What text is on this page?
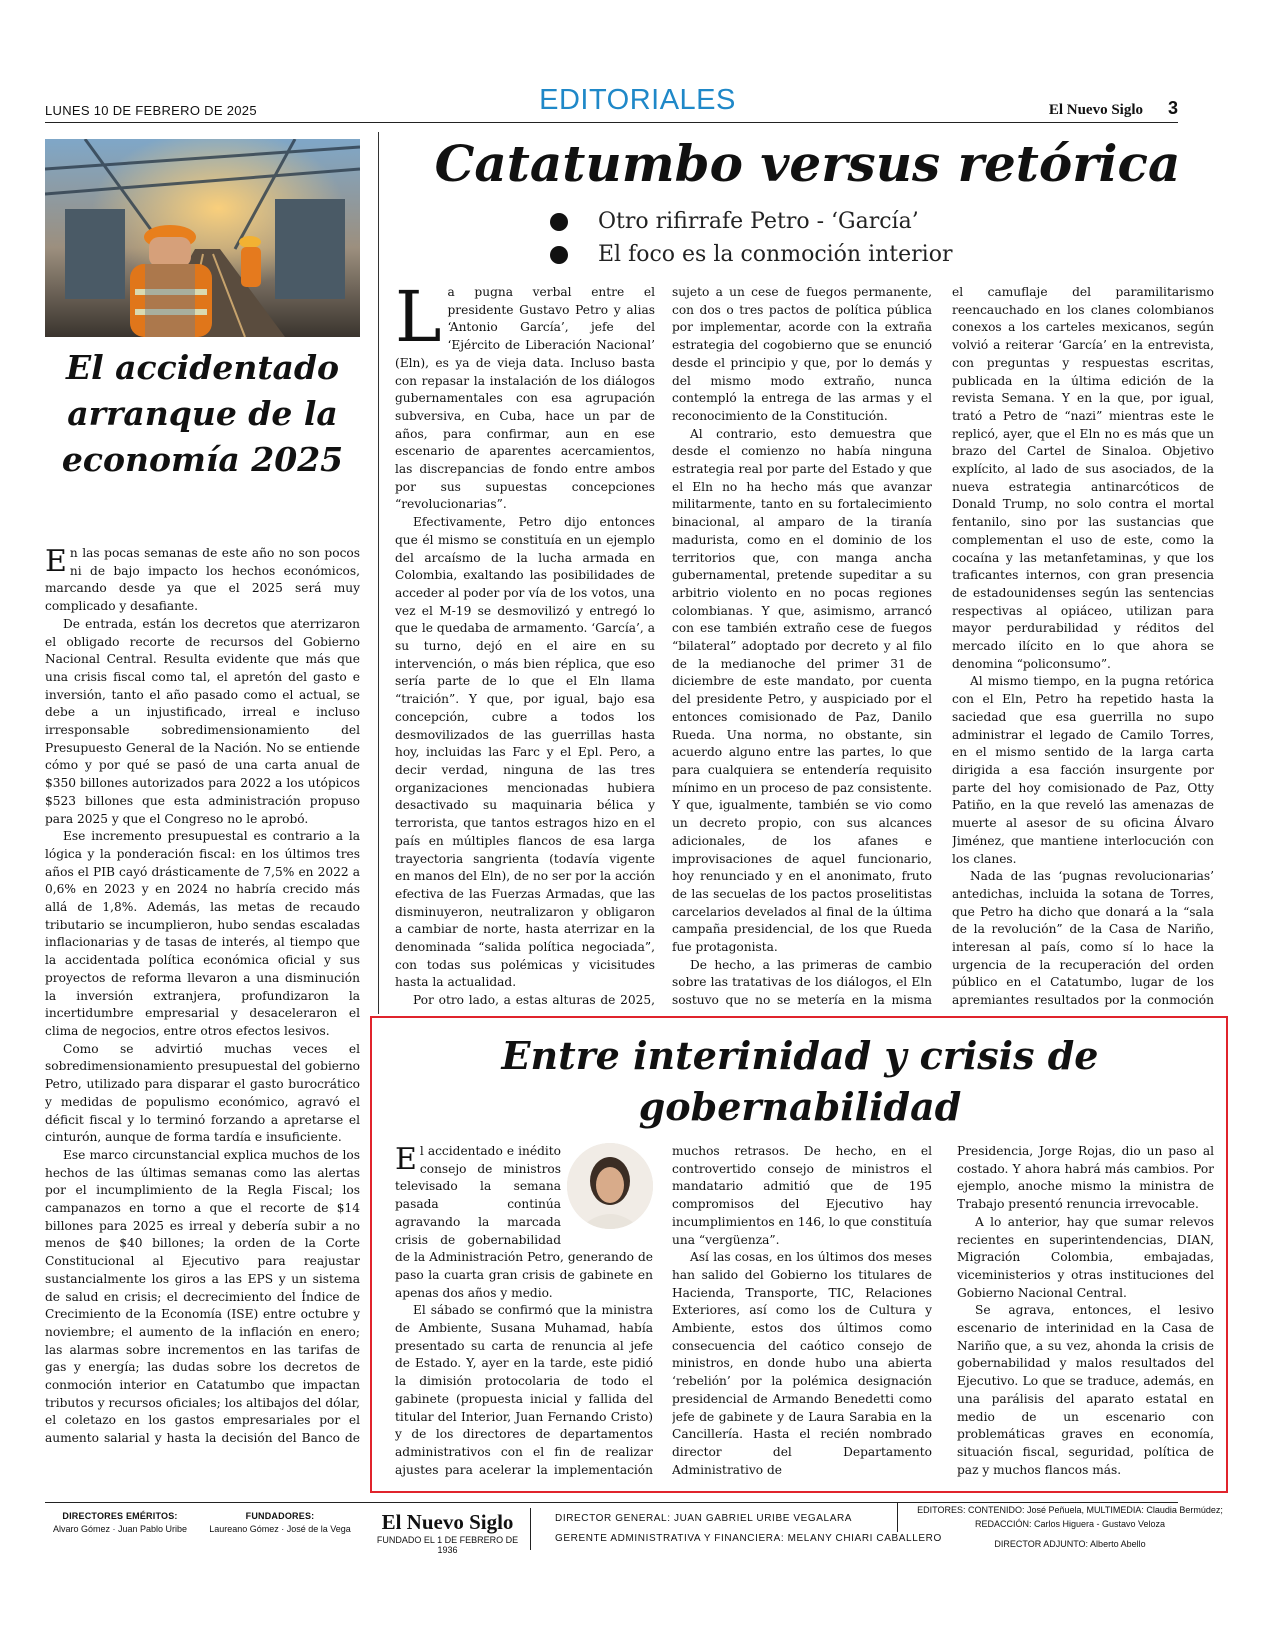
LUNES 10 DE FEBRERO DE 2025	EDITORIALES	El Nuevo Siglo 3
El accidentado arranque de la economía 2025

En las pocas semanas de este año no son pocos ni de bajo impacto los hechos económicos, marcando desde ya que el 2025 será muy complicado y desafiante.

De entrada, están los decretos que aterrizaron el obligado recorte de recursos del Gobierno Nacional Central. Resulta evidente que más que una crisis fiscal como tal, el apretón del gasto e inversión, tanto el año pasado como el actual, se debe a un injustificado, irreal e incluso irresponsable sobredimensionamiento del Presupuesto General de la Nación. No se entiende cómo y por qué se pasó de una carta anual de $350 billones autorizados para 2022 a los utópicos $523 billones que esta administración propuso para 2025 y que el Congreso no le aprobó.

Ese incremento presupuestal es contrario a la lógica y la ponderación fiscal: en los últimos tres años el PIB cayó drásticamente de 7,5% en 2022 a 0,6% en 2023 y en 2024 no habría crecido más allá de 1,8%. Además, las metas de recaudo tributario se incumplieron, hubo sendas escaladas inflacionarias y de tasas de interés, al tiempo que la accidentada política económica oficial y sus proyectos de reforma llevaron a una disminución la inversión extranjera, profundizaron la incertidumbre empresarial y desaceleraron el clima de negocios, entre otros efectos lesivos.

Como se advirtió muchas veces el sobredimensionamiento presupuestal del gobierno Petro, utilizado para disparar el gasto burocrático y medidas de populismo económico, agravó el déficit fiscal y lo terminó forzando a apretarse el cinturón, aunque de forma tardía e insuficiente.

Ese marco circunstancial explica muchos de los hechos de las últimas semanas como las alertas por el incumplimiento de la Regla Fiscal; los campanazos en torno a que el recorte de $14 billones para 2025 es irreal y debería subir a no menos de $40 billones; la orden de la Corte Constitucional al Ejecutivo para reajustar sustancialmente los giros a las EPS y un sistema de salud en crisis; el decrecimiento del Índice de Crecimiento de la Economía (ISE) entre octubre y noviembre; el aumento de la inflación en enero; las alarmas sobre incrementos en las tarifas de gas y energía; las dudas sobre los decretos de conmoción interior en Catatumbo que impactan tributos y recursos oficiales; los altibajos del dólar, el coletazo en los gastos empresariales por el aumento salarial y hasta la decisión del Banco de

Catatumbo versus retórica
Otro rifirrafe Petro - ‘García’
El foco es la conmoción interior

La pugna verbal entre el presidente Gustavo Petro y alias ‘Antonio García’, jefe del ‘Ejército de Liberación Nacional’ (Eln), es ya de vieja data. Incluso basta con repasar la instalación de los diálogos gubernamentales con esa agrupación subversiva, en Cuba, hace un par de años, para confirmar, aun en ese escenario de aparentes acercamientos, las discrepancias de fondo entre ambos por sus supuestas concepciones “revolucionarias”.

Efectivamente, Petro dijo entonces que él mismo se constituía en un ejemplo del arcaísmo de la lucha armada en Colombia, exaltando las posibilidades de acceder al poder por vía de los votos, una vez el M-19 se desmovilizó y entregó lo que le quedaba de armamento. ‘García’, a su turno, dejó en el aire en su intervención, o más bien réplica, que eso sería parte de lo que el Eln llama “traición”. Y que, por igual, bajo esa concepción, cubre a todos los desmovilizados de las guerrillas hasta hoy, incluidas las Farc y el Epl. Pero, a decir verdad, ninguna de las tres organizaciones mencionadas hubiera desactivado su maquinaria bélica y terrorista, que tantos estragos hizo en el país en múltiples flancos de esa larga trayectoria sangrienta (todavía vigente en manos del Eln), de no ser por la acción efectiva de las Fuerzas Armadas, que las disminuyeron, neutralizaron y obligaron a cambiar de norte, hasta aterrizar en la denominada “salida política negociada”, con todas sus polémicas y vicisitudes hasta la actualidad.

Por otro lado, a estas alturas de 2025,

sujeto a un cese de fuegos permanente, con dos o tres pactos de política pública por implementar, acorde con la extraña estrategia del cogobierno que se enunció desde el principio y que, por lo demás y del mismo modo extraño, nunca contempló la entrega de las armas y el reconocimiento de la Constitución.

Al contrario, esto demuestra que desde el comienzo no había ninguna estrategia real por parte del Estado y que el Eln no ha hecho más que avanzar militarmente, tanto en su fortalecimiento binacional, al amparo de la tiranía madurista, como en el dominio de los territorios que, con manga ancha gubernamental, pretende supeditar a su arbitrio violento en no pocas regiones colombianas. Y que, asimismo, arrancó con ese también extraño cese de fuegos “bilateral” adoptado por decreto y al filo de la medianoche del primer 31 de diciembre de este mandato, por cuenta del presidente Petro, y auspiciado por el entonces comisionado de Paz, Danilo Rueda. Una norma, no obstante, sin acuerdo alguno entre las partes, lo que para cualquiera se entendería requisito mínimo en un proceso de paz consistente. Y que, igualmente, también se vio como un decreto propio, con sus alcances adicionales, de los afanes e improvisaciones de aquel funcionario, hoy renunciado y en el anonimato, fruto de las secuelas de los pactos proselitistas carcelarios develados al final de la última campaña presidencial, de los que Rueda fue protagonista.

De hecho, a las primeras de cambio sobre las tratativas de los diálogos, el Eln sostuvo que no se metería en la misma

el camuflaje del paramilitarismo reencauchado en los clanes colombianos conexos a los carteles mexicanos, según volvió a reiterar ‘García’ en la entrevista, con preguntas y respuestas escritas, publicada en la última edición de la revista Semana. Y en la que, por igual, trató a Petro de “nazi” mientras este le replicó, ayer, que el Eln no es más que un brazo del Cartel de Sinaloa. Objetivo explícito, al lado de sus asociados, de la nueva estrategia antinarcóticos de Donald Trump, no solo contra el mortal fentanilo, sino por las sustancias que complementan el uso de este, como la cocaína y las metanfetaminas, y que los traficantes internos, con gran presencia de estadounidenses según las sentencias respectivas al opiáceo, utilizan para mayor perdurabilidad y réditos del mercado ilícito en lo que ahora se denomina “policonsumo”.

Al mismo tiempo, en la pugna retórica con el Eln, Petro ha repetido hasta la saciedad que esa guerrilla no supo administrar el legado de Camilo Torres, en el mismo sentido de la larga carta dirigida a esa facción insurgente por parte del hoy comisionado de Paz, Otty Patiño, en la que reveló las amenazas de muerte al asesor de su oficina Álvaro Jiménez, que mantiene interlocución con los clanes.

Nada de las ‘pugnas revolucionarias’ antedichas, incluida la sotana de Torres, que Petro ha dicho que donará a la “sala de la revolución” de la Casa de Nariño, interesan al país, como sí lo hace la urgencia de la recuperación del orden público en el Catatumbo, lugar de los apremiantes resultados por la conmoción

Entre interinidad y crisis de gobernabilidad

El accidentado e inédito consejo de ministros televisado la semana pasada continúa agravando la marcada crisis de gobernabilidad de la Administración Petro, generando de paso la cuarta gran crisis de gabinete en apenas dos años y medio.

El sábado se confirmó que la ministra de Ambiente, Susana Muhamad, había presentado su carta de renuncia al jefe de Estado. Y, ayer en la tarde, este pidió la dimisión protocolaria de todo el gabinete (propuesta inicial y fallida del titular del Interior, Juan Fernando Cristo) y de los directores de departamentos administrativos con el fin de realizar ajustes para acelerar la implementación

muchos retrasos. De hecho, en el controvertido consejo de ministros el mandatario admitió que de 195 compromisos del Ejecutivo hay incumplimientos en 146, lo que constituía una “vergüenza”.

Así las cosas, en los últimos dos meses han salido del Gobierno los titulares de Hacienda, Transporte, TIC, Relaciones Exteriores, así como los de Cultura y Ambiente, estos dos últimos como consecuencia del caótico consejo de ministros, en donde hubo una abierta ‘rebelión’ por la polémica designación presidencial de Armando Benedetti como jefe de gabinete y de Laura Sarabia en la Cancillería. Hasta el recién nombrado director del Departamento Administrativo de

Presidencia, Jorge Rojas, dio un paso al costado. Y ahora habrá más cambios. Por ejemplo, anoche mismo la ministra de Trabajo presentó renuncia irrevocable.

A lo anterior, hay que sumar relevos recientes en superintendencias, DIAN, Migración Colombia, embajadas, viceministerios y otras instituciones del Gobierno Nacional Central.

Se agrava, entonces, el lesivo escenario de interinidad en la Casa de Nariño que, a su vez, ahonda la crisis de gobernabilidad y malos resultados del Ejecutivo. Lo que se traduce, además, en una parálisis del aparato estatal en medio de un escenario con problemáticas graves en economía, situación fiscal, seguridad, política de paz y muchos flancos más.

DIRECTORES EMÉRITOS:
Alvaro Gómez · Juan Pablo Uribe
FUNDADORES:
Laureano Gómez · José de la Vega	El Nuevo Siglo
FUNDADO EL 1 DE FEBRERO DE 1936
DIRECTOR GENERAL: JUAN GABRIEL URIBE VEGALARA
GERENTE ADMINISTRATIVA Y FINANCIERA: MELANY CHIARI CABALLERO
EDITORES: CONTENIDO: José Peñuela, MULTIMEDIA: Claudia Bermúdez;
REDACCIÓN: Carlos Higuera - Gustavo Veloza
DIRECTOR ADJUNTO: Alberto Abello
